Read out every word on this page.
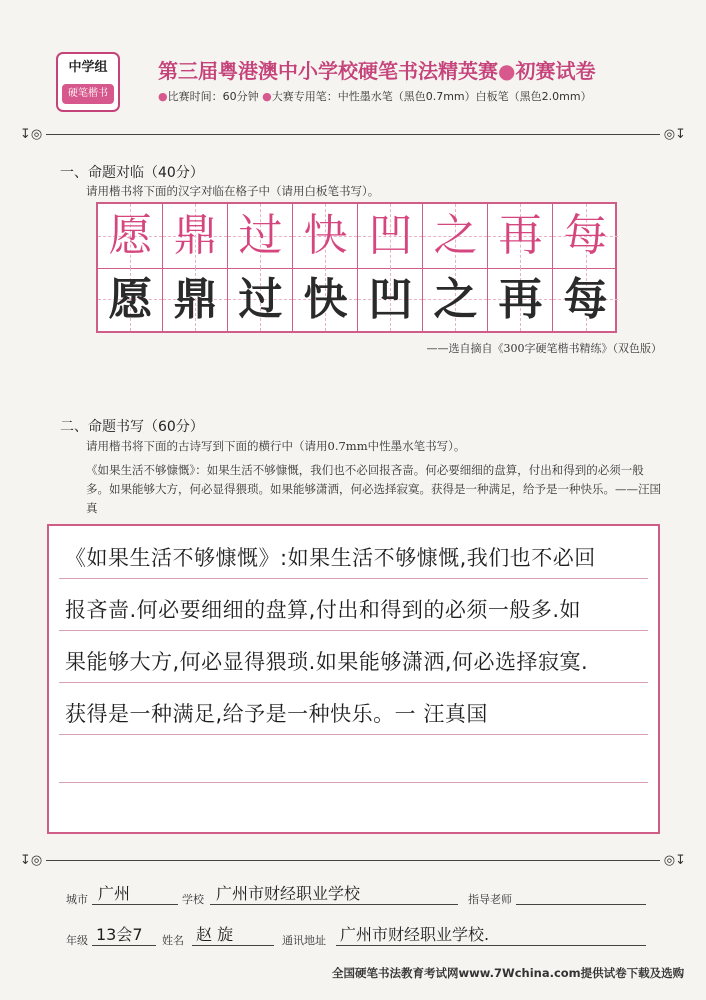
中学组
硬笔楷书
第三届粤港澳中小学校硬笔书法精英赛●初赛试卷
●比赛时间：60分钟 ●大赛专用笔：中性墨水笔（黑色0.7mm）白板笔（黑色2.0mm）
↧◎	◎↧
一、命题对临（40分）
请用楷书将下面的汉字对临在格子中（请用白板笔书写）。
愿 鼎 过 快 凹 之 再 每
愿 鼎 过 快 凹 之 再 每
——选自摘自《300字硬笔楷书精练》（双色版）
二、命题书写（60分）
请用楷书将下面的古诗写到下面的横行中（请用0.7mm中性墨水笔书写）。
《如果生活不够慷慨》：如果生活不够慷慨，我们也不必回报吝啬。何必要细细的盘算，付出和得到的必须一般多。如果能够大方，何必显得猥琐。如果能够潇洒，何必选择寂寞。获得是一种满足，给予是一种快乐。——汪国真
《如果生活不够慷慨》:如果生活不够慷慨,我们也不必回
报吝啬.何必要细细的盘算,付出和得到的必须一般多.如
果能够大方,何必显得猥琐.如果能够潇洒,何必选择寂寞.
获得是一种满足,给予是一种快乐。一 汪真国
↧◎	◎↧
城市 广州	学校 广州市财经职业学校	指导老师
年级 13会7 姓名 赵 旋	通讯地址 广州市财经职业学校.
全国硬笔书法教育考试网www.7Wchina.com提供试卷下载及选购
